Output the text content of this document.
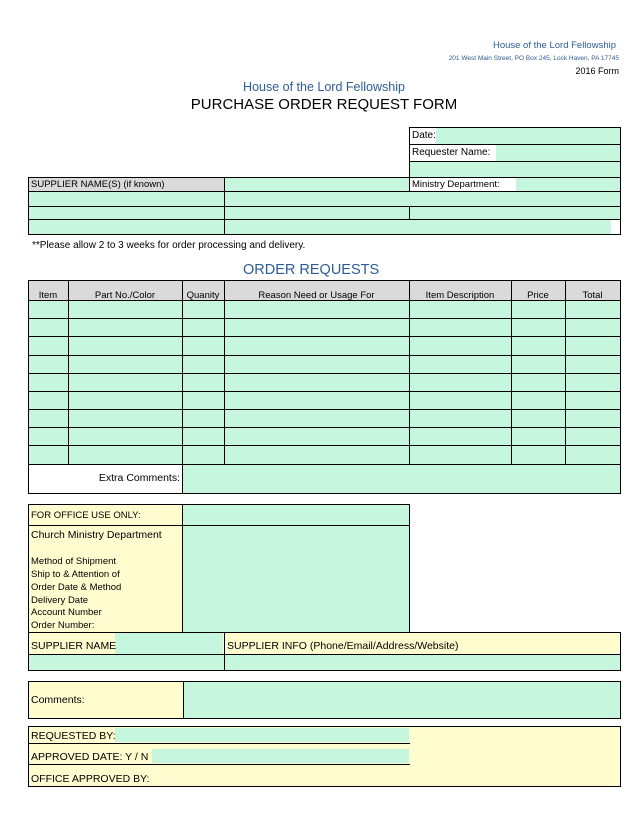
House of the Lord Fellowship
201 West Main Street, PO Box 245, Lock Haven, PA 17745
2016 Form
House of the Lord Fellowship
PURCHASE ORDER REQUEST FORM
Date:
Requester Name:
SUPPLIER NAME(S) (if known)	Ministry Department:
**Please allow 2 to 3 weeks for order processing and delivery.
ORDER REQUESTS
Item	Part No./Color	Quanity	Reason Need or Usage For	Item Description	Price	Total
Extra Comments:
FOR OFFICE USE ONLY:
Church Ministry Department
Method of Shipment
Ship to & Attention of
Order Date & Method
Delivery Date
Account Number
Order Number:
SUPPLIER NAME	SUPPLIER INFO (Phone/Email/Address/Website)
Comments:
REQUESTED BY:
APPROVED DATE: Y / N
OFFICE APPROVED BY:
